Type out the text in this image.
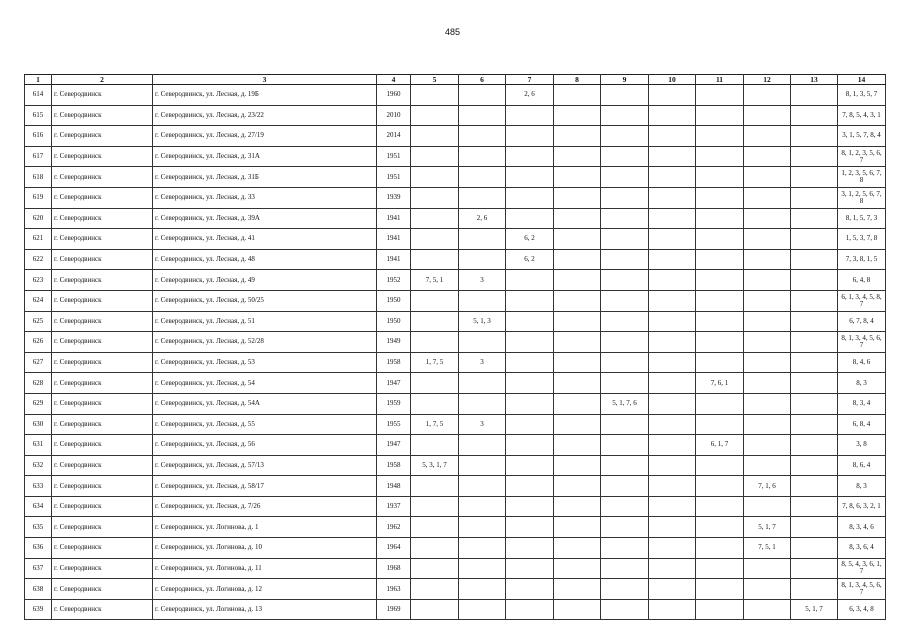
485
1	2	3	4	5	6	7	8	9	10	11	12	13	14
614	г. Северодвинск	г. Северодвинск, ул. Лесная, д. 19Б	1960			2, 6							8, 1, 3, 5, 7
615	г. Северодвинск	г. Северодвинск, ул. Лесная, д. 23/22	2010										7, 8, 5, 4, 3, 1
616	г. Северодвинск	г. Северодвинск, ул. Лесная, д. 27/19	2014										3, 1, 5, 7, 8, 4
617	г. Северодвинск	г. Северодвинск, ул. Лесная, д. 31А	1951										8, 1, 2, 3, 5, 6, 7
618	г. Северодвинск	г. Северодвинск, ул. Лесная, д. 31Б	1951										1, 2, 3, 5, 6, 7, 8
619	г. Северодвинск	г. Северодвинск, ул. Лесная, д. 33	1939										3, 1, 2, 5, 6, 7, 8
620	г. Северодвинск	г. Северодвинск, ул. Лесная, д. 39А	1941		2, 6								8, 1, 5, 7, 3
621	г. Северодвинск	г. Северодвинск, ул. Лесная, д. 41	1941			6, 2							1, 5, 3, 7, 8
622	г. Северодвинск	г. Северодвинск, ул. Лесная, д. 48	1941			6, 2							7, 3, 8, 1, 5
623	г. Северодвинск	г. Северодвинск, ул. Лесная, д. 49	1952	7, 5, 1	3								6, 4, 8
624	г. Северодвинск	г. Северодвинск, ул. Лесная, д. 50/25	1950										6, 1, 3, 4, 5, 8, 7
625	г. Северодвинск	г. Северодвинск, ул. Лесная, д. 51	1950		5, 1, 3								6, 7, 8, 4
626	г. Северодвинск	г. Северодвинск, ул. Лесная, д. 52/28	1949										8, 1, 3, 4, 5, 6, 7
627	г. Северодвинск	г. Северодвинск, ул. Лесная, д. 53	1958	1, 7, 5	3								8, 4, 6
628	г. Северодвинск	г. Северодвинск, ул. Лесная, д. 54	1947							7, 6, 1			8, 3
629	г. Северодвинск	г. Северодвинск, ул. Лесная, д. 54А	1959					5, 1, 7, 6					8, 3, 4
630	г. Северодвинск	г. Северодвинск, ул. Лесная, д. 55	1955	1, 7, 5	3								6, 8, 4
631	г. Северодвинск	г. Северодвинск, ул. Лесная, д. 56	1947							6, 1, 7			3, 8
632	г. Северодвинск	г. Северодвинск, ул. Лесная, д. 57/13	1958	5, 3, 1, 7									8, 6, 4
633	г. Северодвинск	г. Северодвинск, ул. Лесная, д. 58/17	1948								7, 1, 6		8, 3
634	г. Северодвинск	г. Северодвинск, ул. Лесная, д. 7/26	1937										7, 8, 6, 3, 2, 1
635	г. Северодвинск	г. Северодвинск, ул. Логинова, д. 1	1962								5, 1, 7		8, 3, 4, 6
636	г. Северодвинск	г. Северодвинск, ул. Логинова, д. 10	1964								7, 5, 1		8, 3, 6, 4
637	г. Северодвинск	г. Северодвинск, ул. Логинова, д. 11	1968										8, 5, 4, 3, 6, 1, 7
638	г. Северодвинск	г. Северодвинск, ул. Логинова, д. 12	1963										8, 1, 3, 4, 5, 6, 7
639	г. Северодвинск	г. Северодвинск, ул. Логинова, д. 13	1969									5, 1, 7	6, 3, 4, 8
